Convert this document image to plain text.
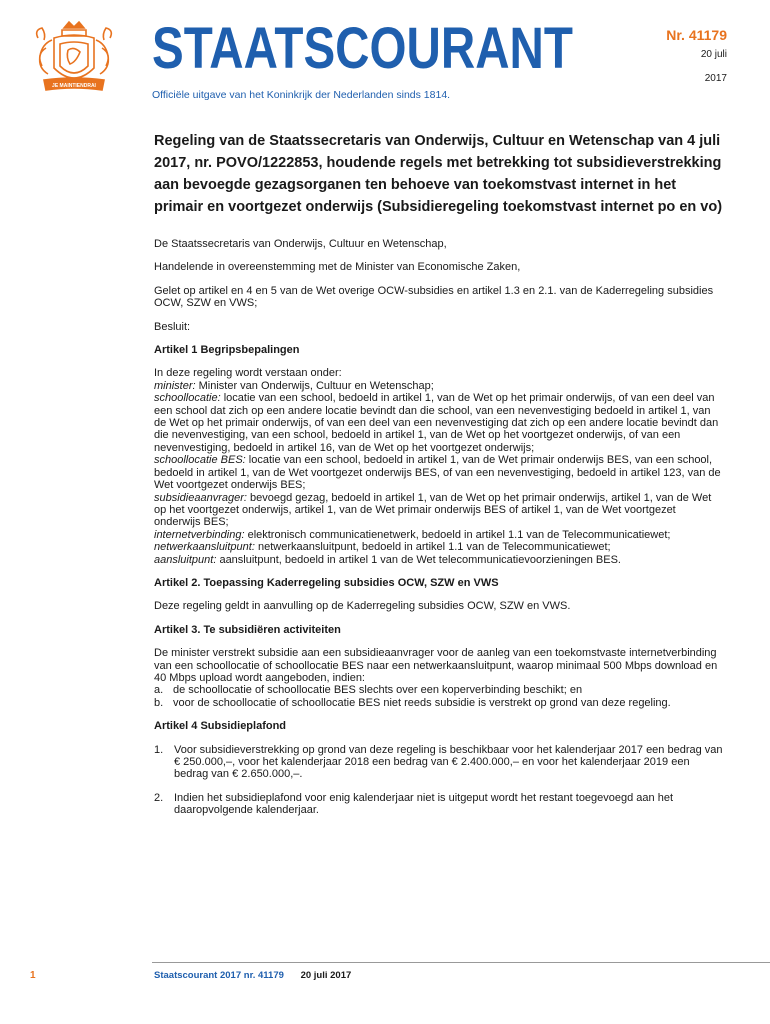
JE MAINTIENDRAI
STAATSCOURANT
Officiële uitgave van het Koninkrijk der Nederlanden sinds 1814.
Nr. 41179
20 juli
2017
Regeling van de Staatssecretaris van Onderwijs, Cultuur en Wetenschap van 4 juli 2017, nr. POVO/1222853, houdende regels met betrekking tot subsidieverstrekking aan bevoegde gezagsorganen ten behoeve van toekomstvast internet in het primair en voortgezet onderwijs (Subsidieregeling toekomstvast internet po en vo)

De Staatssecretaris van Onderwijs, Cultuur en Wetenschap,

Handelende in overeenstemming met de Minister van Economische Zaken,

Gelet op artikel en 4 en 5 van de Wet overige OCW-subsidies en artikel 1.3 en 2.1. van de Kaderregeling subsidies OCW, SZW en VWS;

Besluit:

Artikel 1 Begripsbepalingen

In deze regeling wordt verstaan onder:

minister: Minister van Onderwijs, Cultuur en Wetenschap;

schoollocatie: locatie van een school, bedoeld in artikel 1, van de Wet op het primair onderwijs, of van een deel van een school dat zich op een andere locatie bevindt dan die school, van een nevenvestiging bedoeld in artikel 1, van de Wet op het primair onderwijs, of van een deel van een nevenvestiging dat zich op een andere locatie bevindt dan die nevenvestiging, van een school, bedoeld in artikel 1, van de Wet op het voortgezet onderwijs, of van een nevenvestiging, bedoeld in artikel 16, van de Wet op het voortgezet onderwijs;

schoollocatie BES: locatie van een school, bedoeld in artikel 1, van de Wet primair onderwijs BES, van een school, bedoeld in artikel 1, van de Wet voortgezet onderwijs BES, of van een nevenvestiging, bedoeld in artikel 123, van de Wet voortgezet onderwijs BES;

subsidieaanvrager: bevoegd gezag, bedoeld in artikel 1, van de Wet op het primair onderwijs, artikel 1, van de Wet op het voortgezet onderwijs, artikel 1, van de Wet primair onderwijs BES of artikel 1, van de Wet voortgezet onderwijs BES;

internetverbinding: elektronisch communicatienetwerk, bedoeld in artikel 1.1 van de Telecommunicatiewet;

netwerkaansluitpunt: netwerkaansluitpunt, bedoeld in artikel 1.1 van de Telecommunicatiewet;

aansluitpunt: aansluitpunt, bedoeld in artikel 1 van de Wet telecommunicatievoorzieningen BES.

Artikel 2. Toepassing Kaderregeling subsidies OCW, SZW en VWS

Deze regeling geldt in aanvulling op de Kaderregeling subsidies OCW, SZW en VWS.

Artikel 3. Te subsidiëren activiteiten

De minister verstrekt subsidie aan een subsidieaanvrager voor de aanleg van een toekomstvaste internetverbinding van een schoollocatie of schoollocatie BES naar een netwerkaansluitpunt, waarop minimaal 500 Mbps download en 40 Mbps upload wordt aangeboden, indien:

a. de schoollocatie of schoollocatie BES slechts over een koperverbinding beschikt; en
b. voor de schoollocatie of schoollocatie BES niet reeds subsidie is verstrekt op grond van deze regeling.
Artikel 4 Subsidieplafond
1. Voor subsidieverstrekking op grond van deze regeling is beschikbaar voor het kalenderjaar 2017 een bedrag van € 250.000,–, voor het kalenderjaar 2018 een bedrag van € 2.400.000,– en voor het kalenderjaar 2019 een bedrag van € 2.650.000,–.
2. Indien het subsidieplafond voor enig kalenderjaar niet is uitgeput wordt het restant toegevoegd aan het daaropvolgende kalenderjaar.
1	Staatscourant 2017 nr. 41179 20 juli 2017
